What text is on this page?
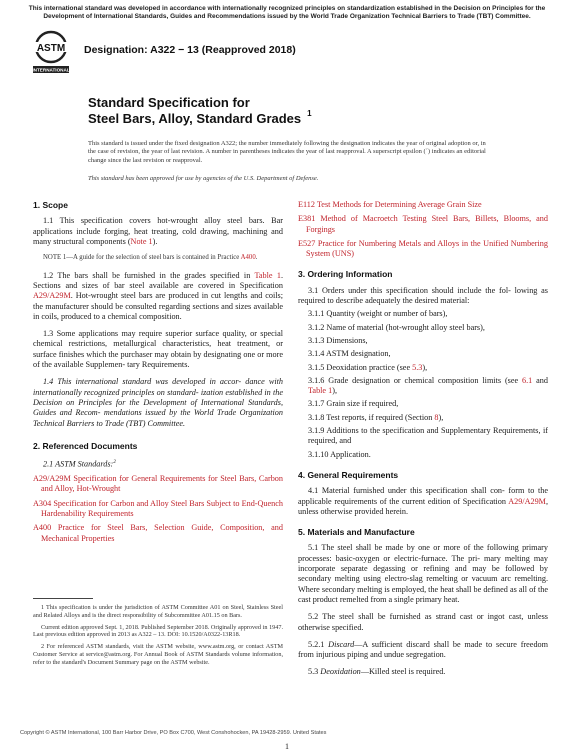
This international standard was developed in accordance with internationally recognized principles on standardization established in the Decision on Principles for the Development of International Standards, Guides and Recommendations issued by the World Trade Organization Technical Barriers to Trade (TBT) Committee.
ASTM
INTERNATIONAL
Designation: A322 − 13 (Reapproved 2018)
Standard Specification for
Steel Bars, Alloy, Standard Grades $^1$
This standard is issued under the fixed designation A322; the number immediately following the designation indicates the year of original adoption or, in the case of revision, the year of last revision. A number in parentheses indicates the year of last reapproval. A superscript epsilon (´) indicates an editorial change since the last revision or reapproval.
This standard has been approved for use by agencies of the U.S. Department of Defense.
1. Scope

1.1 This specification covers hot-wrought alloy steel bars. Bar applications include forging, heat treating, cold drawing, machining and many structural components (Note 1).

NOTE 1—A guide for the selection of steel bars is contained in Practice A400.

1.2 The bars shall be furnished in the grades specified in Table 1. Sections and sizes of bar steel available are covered in Specification A29/A29M. Hot-wrought steel bars are produced in cut lengths and coils; the manufacturer should be consulted regarding sections and sizes available in coils, produced to a chemical composition.

1.3 Some applications may require superior surface quality, or special chemical restrictions, metallurgical characteristics, heat treatment, or surface finishes which the purchaser may obtain by designating one or more of the available Supplemen- tary Requirements.

1.4 This international standard was developed in accor- dance with internationally recognized principles on standard- ization established in the Decision on Principles for the Development of International Standards, Guides and Recom- mendations issued by the World Trade Organization Technical Barriers to Trade (TBT) Committee.

2. Referenced Documents

2.1 ASTM Standards:$^2$

A29/A29M Specification for General Requirements for Steel Bars, Carbon and Alloy, Hot-Wrought

A304 Specification for Carbon and Alloy Steel Bars Subject to End-Quench Hardenability Requirements

A400 Practice for Steel Bars, Selection Guide, Composition, and Mechanical Properties

1 This specification is under the jurisdiction of ASTM Committee A01 on Steel, Stainless Steel and Related Alloys and is the direct responsibility of Subcommittee A01.15 on Bars.

Current edition approved Sept. 1, 2018. Published September 2018. Originally approved in 1947. Last previous edition approved in 2013 as A322 – 13. DOI: 10.1520/A0322-13R18.

2 For referenced ASTM standards, visit the ASTM website, www.astm.org, or contact ASTM Customer Service at service@astm.org. For Annual Book of ASTM Standards volume information, refer to the standard's Document Summary page on the ASTM website.

E112 Test Methods for Determining Average Grain Size

E381 Method of Macroetch Testing Steel Bars, Billets, Blooms, and Forgings

E527 Practice for Numbering Metals and Alloys in the Unified Numbering System (UNS)

3. Ordering Information

3.1 Orders under this specification should include the fol- lowing as required to describe adequately the desired material:

3.1.1 Quantity (weight or number of bars),

3.1.2 Name of material (hot-wrought alloy steel bars),

3.1.3 Dimensions,

3.1.4 ASTM designation,

3.1.5 Deoxidation practice (see 5.3),

3.1.6 Grade designation or chemical composition limits (see 6.1 and Table 1),

3.1.7 Grain size if required,

3.1.8 Test reports, if required (Section 8),

3.1.9 Additions to the specification and Supplementary Requirements, if required, and

3.1.10 Application.

4. General Requirements

4.1 Material furnished under this specification shall con- form to the applicable requirements of the current edition of Specification A29/A29M, unless otherwise provided herein.

5. Materials and Manufacture

5.1 The steel shall be made by one or more of the following primary processes: basic-oxygen or electric-furnace. The pri- mary melting may incorporate separate degassing or refining and may be followed by secondary melting using electro-slag remelting or vacuum arc remelting. Where secondary melting is employed, the heat shall be defined as all of the cast product remelted from a single primary heat.

5.2 The steel shall be furnished as strand cast or ingot cast, unless otherwise specified.

5.2.1 Discard—A sufficient discard shall be made to secure freedom from injurious piping and undue segregation.

5.3 Deoxidation—Killed steel is required.

Copyright © ASTM International, 100 Barr Harbor Drive, PO Box C700, West Conshohocken, PA 19428-2959. United States
1
